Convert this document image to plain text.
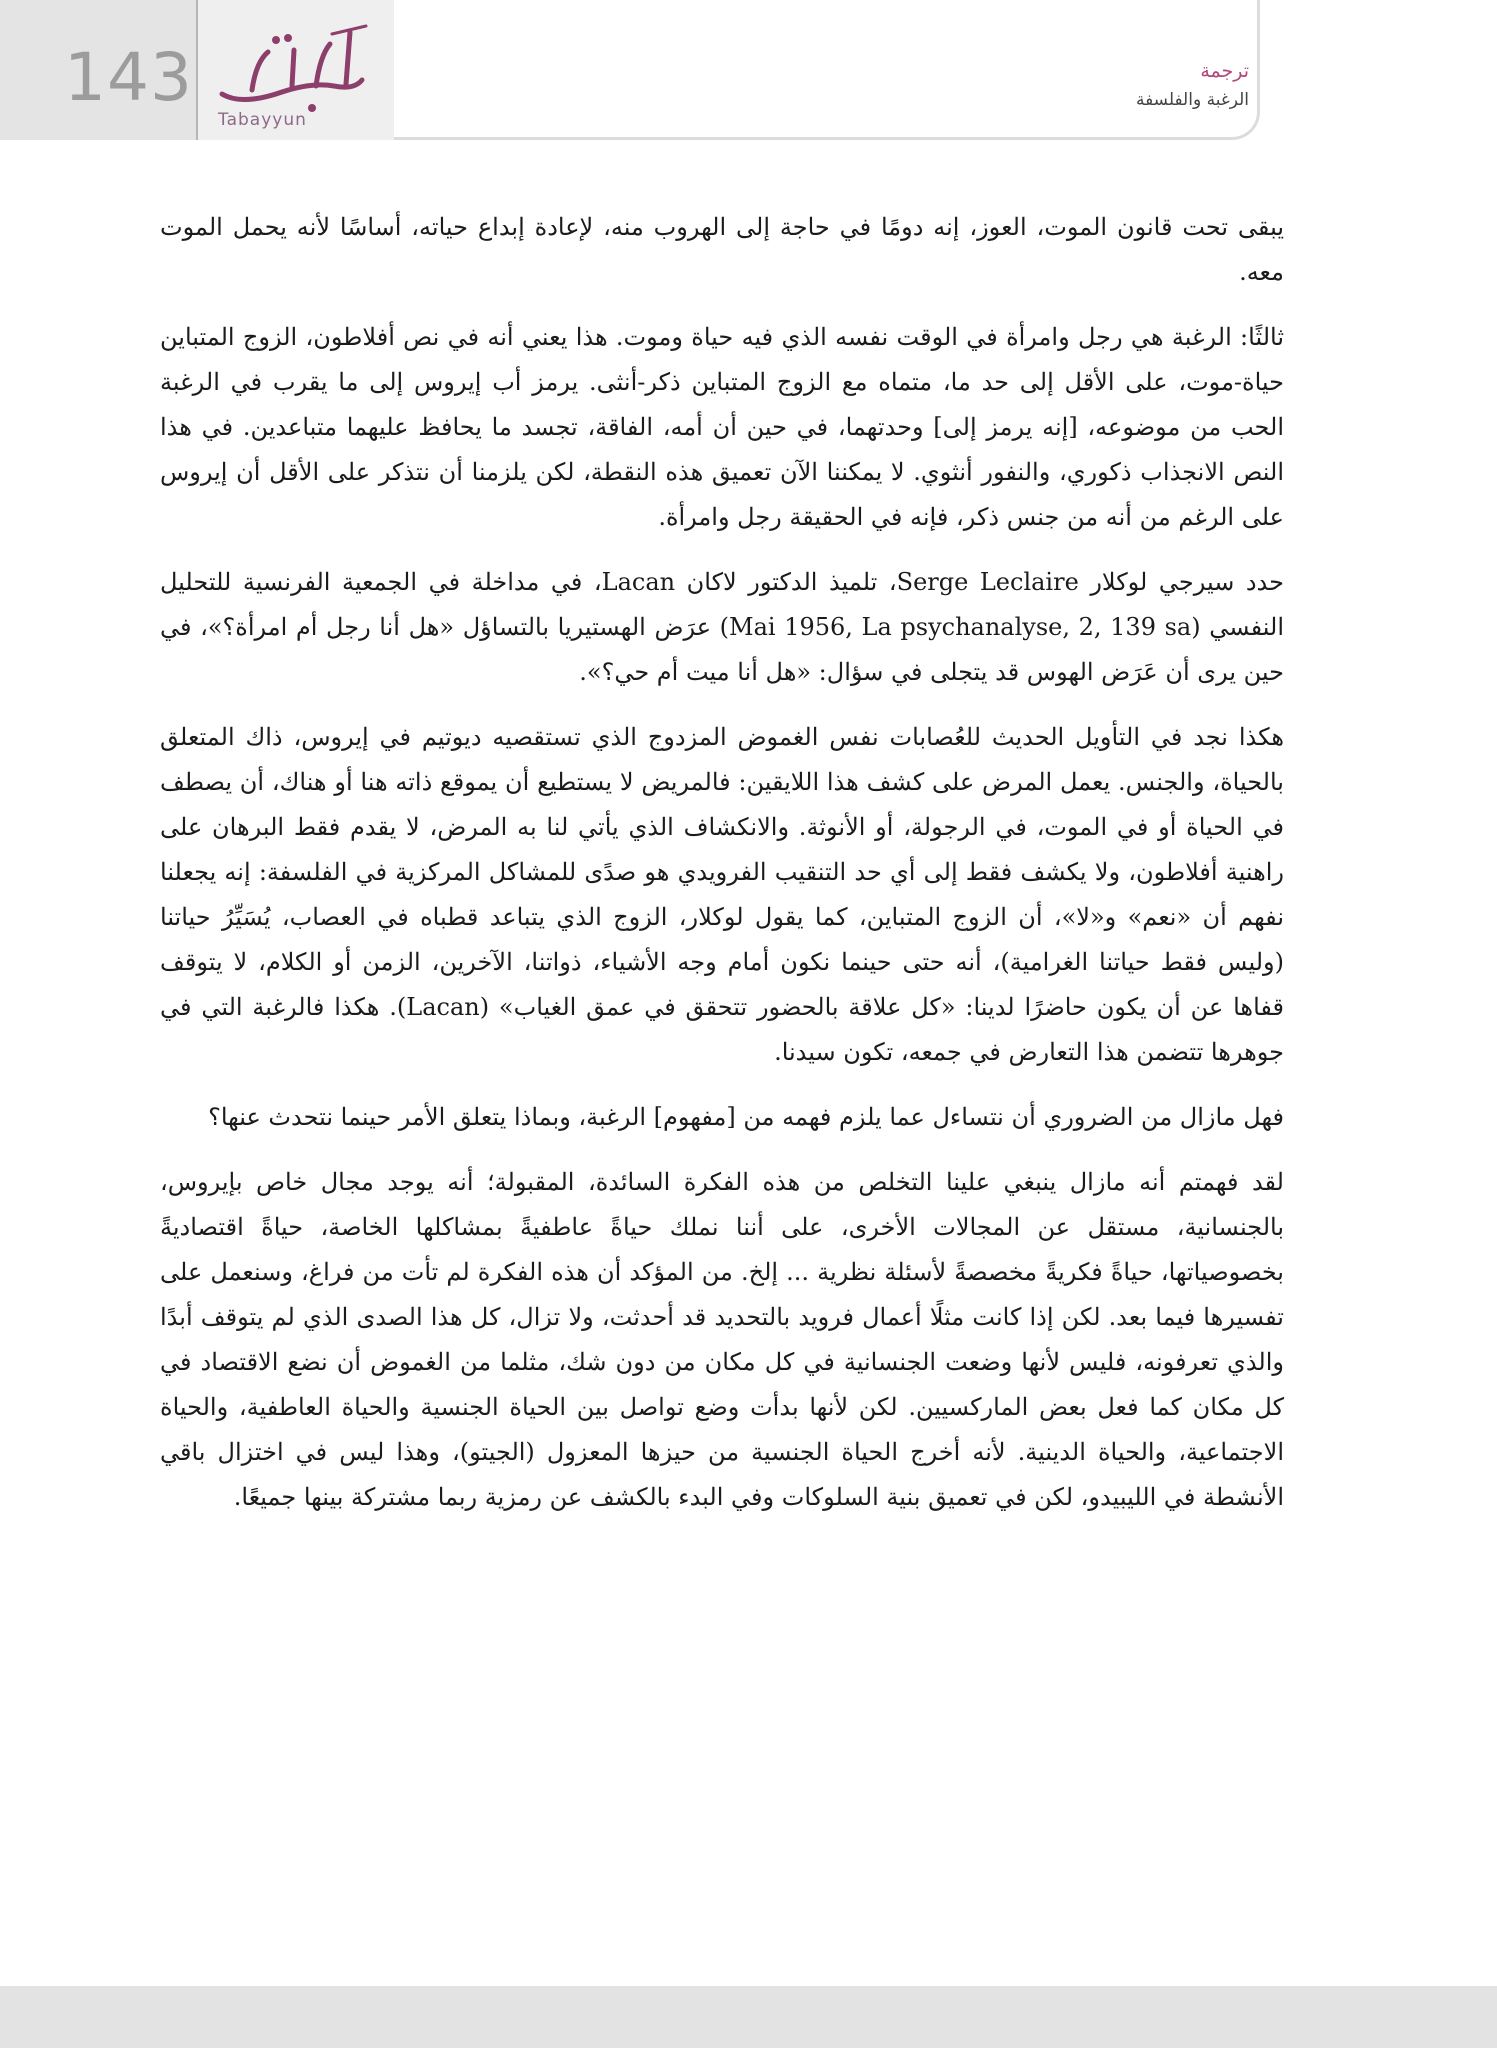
143
Tabayyun
ترجمة
الرغبة والفلسفة

يبقى تحت قانون الموت، العوز، إنه دومًا في حاجة إلى الهروب منه، لإعادة إبداع حياته، أساسًا لأنه يحمل الموت معه.

ثالثًا: الرغبة هي رجل وامرأة في الوقت نفسه الذي فيه حياة وموت. هذا يعني أنه في نص أفلاطون، الزوج المتباين حياة-موت، على الأقل إلى حد ما، متماه مع الزوج المتباين ذكر-أنثى. يرمز أب إيروس إلى ما يقرب في الرغبة الحب من موضوعه، [إنه يرمز إلى] وحدتهما، في حين أن أمه، الفاقة، تجسد ما يحافظ عليهما متباعدين. في هذا النص الانجذاب ذكوري، والنفور أنثوي. لا يمكننا الآن تعميق هذه النقطة، لكن يلزمنا أن نتذكر على الأقل أن إيروس على الرغم من أنه من جنس ذكر، فإنه في الحقيقة رجل وامرأة.

حدد سيرجي لوكلار Serge Leclaire، تلميذ الدكتور لاكان Lacan، في مداخلة في الجمعية الفرنسية للتحليل النفسي (Mai 1956, La psychanalyse, 2, 139 sa) عرَض الهستيريا بالتساؤل «هل أنا رجل أم امرأة؟»، في حين يرى أن عَرَض الهوس قد يتجلى في سؤال: «هل أنا ميت أم حي؟».

هكذا نجد في التأويل الحديث للعُصابات نفس الغموض المزدوج الذي تستقصيه ديوتيم في إيروس، ذاك المتعلق بالحياة، والجنس. يعمل المرض على كشف هذا اللايقين: فالمريض لا يستطيع أن يموقع ذاته هنا أو هناك، أن يصطف في الحياة أو في الموت، في الرجولة، أو الأنوثة. والانكشاف الذي يأتي لنا به المرض، لا يقدم فقط البرهان على راهنية أفلاطون، ولا يكشف فقط إلى أي حد التنقيب الفرويدي هو صدًى للمشاكل المركزية في الفلسفة: إنه يجعلنا نفهم أن «نعم» و«لا»، أن الزوج المتباين، كما يقول لوكلار، الزوج الذي يتباعد قطباه في العصاب، يُسَيِّرُ حياتنا (وليس فقط حياتنا الغرامية)، أنه حتى حينما نكون أمام وجه الأشياء، ذواتنا، الآخرين، الزمن أو الكلام، لا يتوقف قفاها عن أن يكون حاضرًا لدينا: «كل علاقة بالحضور تتحقق في عمق الغياب» (Lacan). هكذا فالرغبة التي في جوهرها تتضمن هذا التعارض في جمعه، تكون سيدنا.

فهل مازال من الضروري أن نتساءل عما يلزم فهمه من [مفهوم] الرغبة، وبماذا يتعلق الأمر حينما نتحدث عنها؟

لقد فهمتم أنه مازال ينبغي علينا التخلص من هذه الفكرة السائدة، المقبولة؛ أنه يوجد مجال خاص بإيروس، بالجنسانية، مستقل عن المجالات الأخرى، على أننا نملك حياةً عاطفيةً بمشاكلها الخاصة، حياةً اقتصاديةً بخصوصياتها، حياةً فكريةً مخصصةً لأسئلة نظرية ... إلخ. من المؤكد أن هذه الفكرة لم تأت من فراغ، وسنعمل على تفسيرها فيما بعد. لكن إذا كانت مثلًا أعمال فرويد بالتحديد قد أحدثت، ولا تزال، كل هذا الصدى الذي لم يتوقف أبدًا والذي تعرفونه، فليس لأنها وضعت الجنسانية في كل مكان من دون شك، مثلما من الغموض أن نضع الاقتصاد في كل مكان كما فعل بعض الماركسيين. لكن لأنها بدأت وضع تواصل بين الحياة الجنسية والحياة العاطفية، والحياة الاجتماعية، والحياة الدينية. لأنه أخرج الحياة الجنسية من حيزها المعزول (الجيتو)، وهذا ليس في اختزال باقي الأنشطة في الليبيدو، لكن في تعميق بنية السلوكات وفي البدء بالكشف عن رمزية ربما مشتركة بينها جميعًا.
